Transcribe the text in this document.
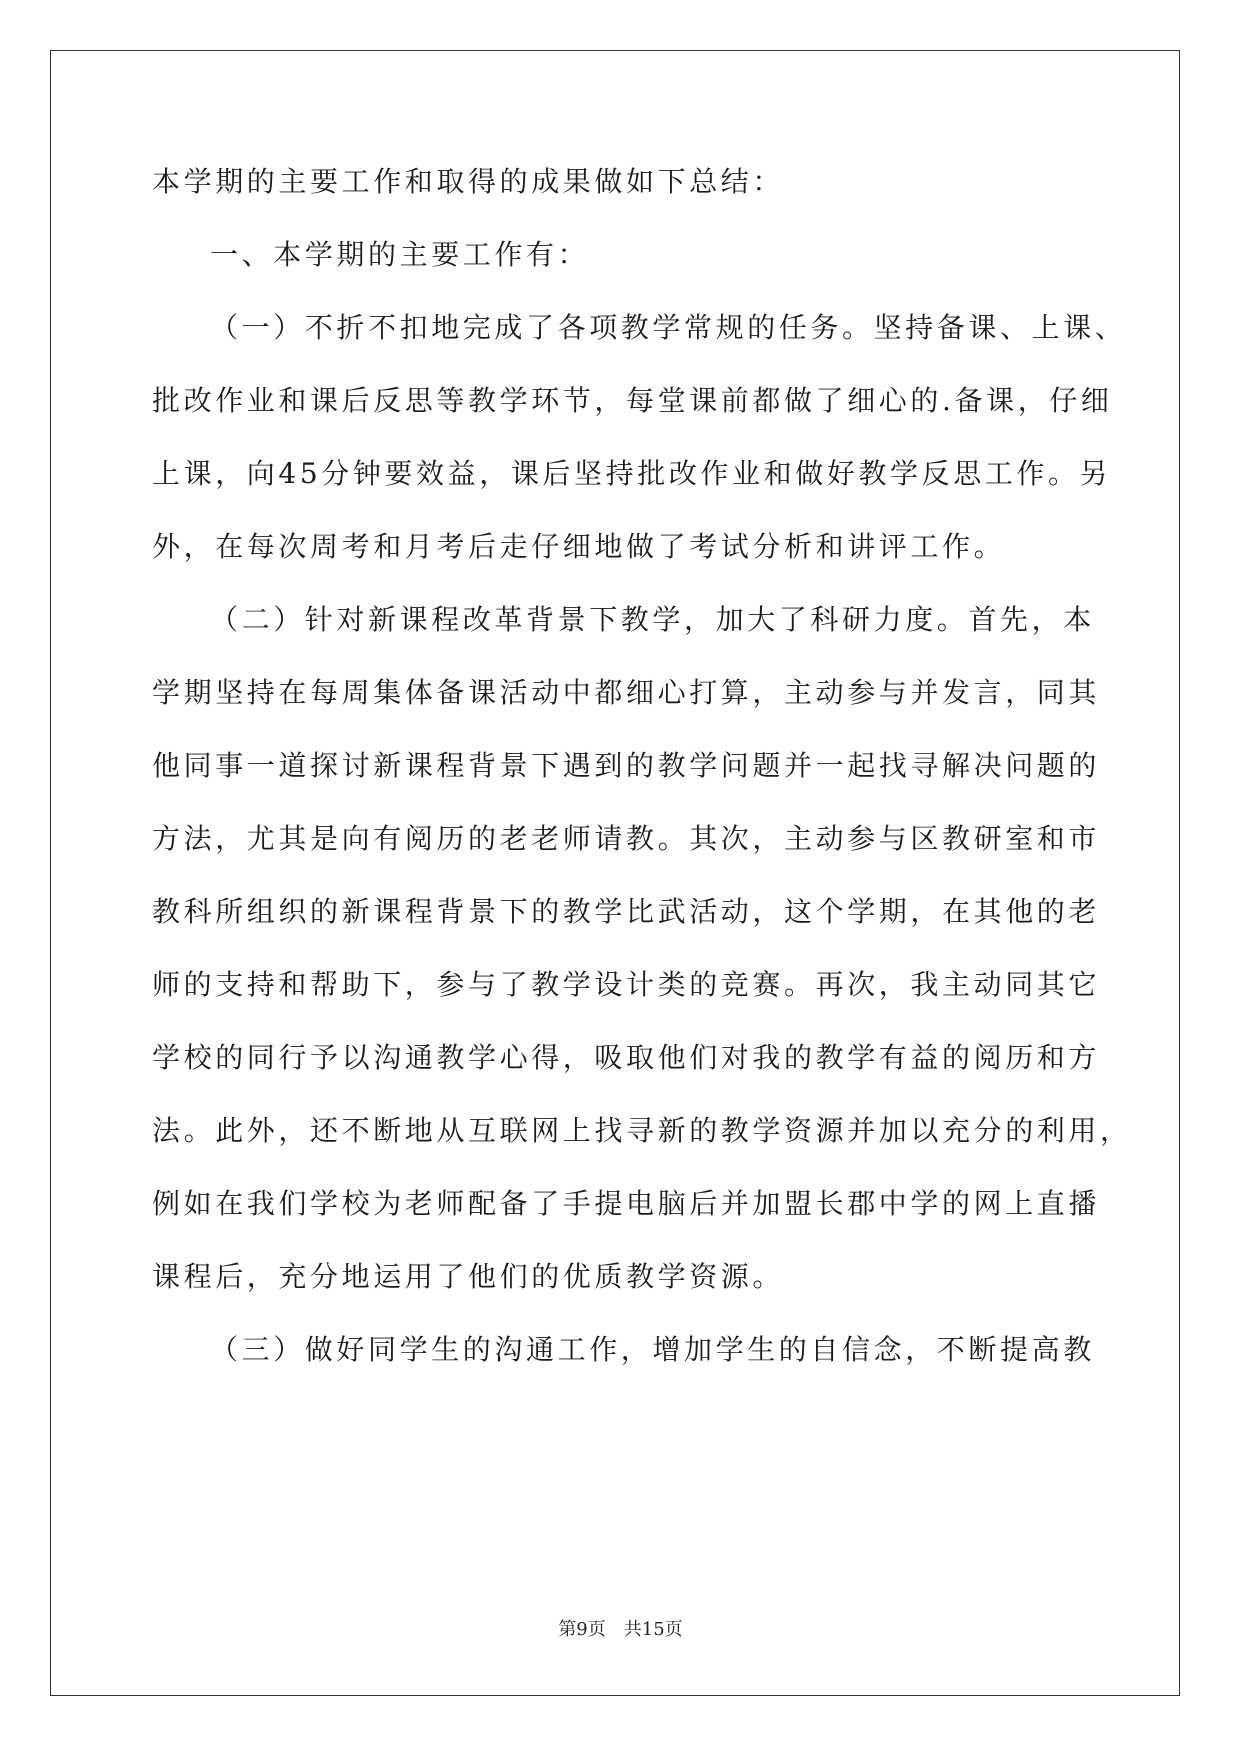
本学期的主要工作和取得的成果做如下总结：
一、本学期的主要工作有：
（一）不折不扣地完成了各项教学常规的任务。坚持备课、上课、
批改作业和课后反思等教学环节，每堂课前都做了细心的.备课，仔细
上课，向45分钟要效益，课后坚持批改作业和做好教学反思工作。另
外，在每次周考和月考后走仔细地做了考试分析和讲评工作。
（二）针对新课程改革背景下教学，加大了科研力度。首先，本
学期坚持在每周集体备课活动中都细心打算，主动参与并发言，同其
他同事一道探讨新课程背景下遇到的教学问题并一起找寻解决问题的
方法，尤其是向有阅历的老老师请教。其次，主动参与区教研室和市
教科所组织的新课程背景下的教学比武活动，这个学期，在其他的老
师的支持和帮助下，参与了教学设计类的竞赛。再次，我主动同其它
学校的同行予以沟通教学心得，吸取他们对我的教学有益的阅历和方
法。此外，还不断地从互联网上找寻新的教学资源并加以充分的利用，
例如在我们学校为老师配备了手提电脑后并加盟长郡中学的网上直播
课程后，充分地运用了他们的优质教学资源。
（三）做好同学生的沟通工作，增加学生的自信念，不断提高教
第9页　共15页
